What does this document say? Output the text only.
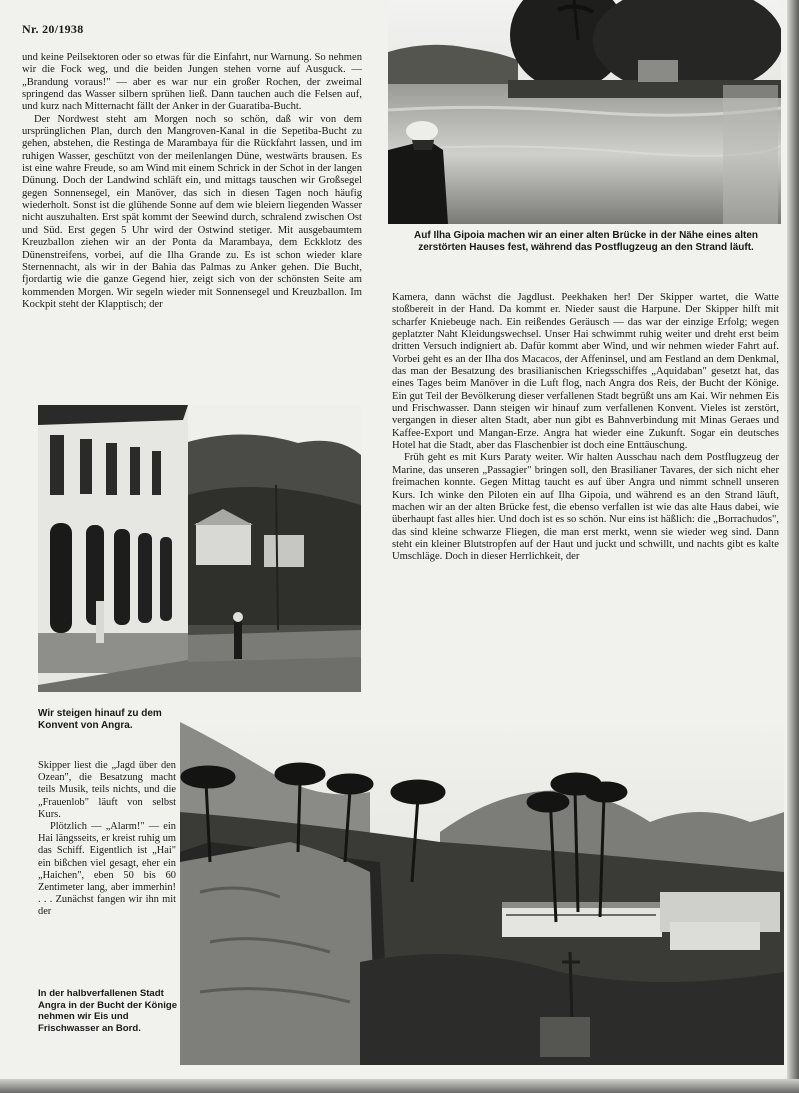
Nr. 20/1938

und keine Peilsektoren oder so etwas für die Einfahrt, nur Warnung. So nehmen wir die Fock weg, und die beiden Jungen stehen vorne auf Ausguck. — „Brandung voraus!" — aber es war nur ein großer Rochen, der zweimal springend das Wasser silbern sprühen ließ. Dann tauchen auch die Felsen auf, und kurz nach Mitternacht fällt der Anker in der Guaratiba-Bucht.

Der Nordwest steht am Morgen noch so schön, daß wir von dem ursprünglichen Plan, durch den Mangroven-Kanal in die Sepetiba-Bucht zu gehen, abstehen, die Restinga de Marambaya für die Rückfahrt lassen, und im ruhigen Wasser, geschützt von der meilenlangen Düne, westwärts brausen. Es ist eine wahre Freude, so am Wind mit einem Schrick in der Schot in der langen Dünung. Doch der Landwind schläft ein, und mittags tauschen wir Großsegel gegen Sonnensegel, ein Manöver, das sich in diesen Tagen noch häufig wiederholt. Sonst ist die glühende Sonne auf dem wie bleiern liegenden Wasser nicht auszuhalten. Erst spät kommt der Seewind durch, schralend zwischen Ost und Süd. Erst gegen 5 Uhr wird der Ostwind stetiger. Mit ausgebaumtem Kreuzballon ziehen wir an der Ponta da Marambaya, dem Eckklotz des Dünenstreifens, vorbei, auf die Ilha Grande zu. Es ist schon wieder klare Sternennacht, als wir in der Bahia das Palmas zu Anker gehen. Die Bucht, fjordartig wie die ganze Gegend hier, zeigt sich von der schönsten Seite am kommenden Morgen. Wir segeln wieder mit Sonnensegel und Kreuzballon. Im Kockpit steht der Klapptisch; der

Auf Ilha Gipoia machen wir an einer alten Brücke in der Nähe eines alten zerstörten Hauses fest, während das Postflugzeug an den Strand läuft.
Wir steigen hinauf zu dem Konvent von Angra.

Kamera, dann wächst die Jagdlust. Peekhaken her! Der Skipper wartet, die Watte stoßbereit in der Hand. Da kommt er. Nieder saust die Harpune. Der Skipper hilft mit scharfer Kniebeuge nach. Ein reißendes Geräusch — das war der einzige Erfolg; wegen geplatzter Naht Kleidungswechsel. Unser Hai schwimmt ruhig weiter und dreht erst beim dritten Versuch indigniert ab. Dafür kommt aber Wind, und wir nehmen wieder Fahrt auf. Vorbei geht es an der Ilha dos Macacos, der Affeninsel, und am Festland an dem Denkmal, das man der Besatzung des brasilianischen Kriegsschiffes „Aquidaban" gesetzt hat, das eines Tages beim Manöver in die Luft flog, nach Angra dos Reis, der Bucht der Könige. Ein gut Teil der Bevölkerung dieser verfallenen Stadt begrüßt uns am Kai. Wir nehmen Eis und Frischwasser. Dann steigen wir hinauf zum verfallenen Konvent. Vieles ist zerstört, vergangen in dieser alten Stadt, aber nun gibt es Bahnverbindung mit Minas Geraes und Kaffee-Export und Mangan-Erze. Angra hat wieder eine Zukunft. Sogar ein deutsches Hotel hat die Stadt, aber das Flaschenbier ist doch eine Enttäuschung.

Früh geht es mit Kurs Paraty weiter. Wir halten Ausschau nach dem Postflugzeug der Marine, das unseren „Passagier" bringen soll, den Brasilianer Tavares, der sich nicht eher freimachen konnte. Gegen Mittag taucht es auf über Angra und nimmt schnell unseren Kurs. Ich winke den Piloten ein auf Ilha Gipoia, und während es an den Strand läuft, machen wir an der alten Brücke fest, die ebenso verfallen ist wie das alte Haus dabei, wie überhaupt fast alles hier. Und doch ist es so schön. Nur eins ist häßlich: die „Borrachudos", das sind kleine schwarze Fliegen, die man erst merkt, wenn sie wieder weg sind. Dann steht ein kleiner Blutstropfen auf der Haut und juckt und schwillt, und nachts gibt es kalte Umschläge. Doch in dieser Herrlichkeit, der

Skipper liest die „Jagd über den Ozean", die Besatzung macht teils Musik, teils nichts, und die „Frauenlob" läuft von selbst Kurs.

Plötzlich — „Alarm!" — ein Hai längsseits, er kreist ruhig um das Schiff. Eigentlich ist „Hai" ein bißchen viel gesagt, eher ein „Haichen", eben 50 bis 60 Zentimeter lang, aber immerhin! . . . Zunächst fangen wir ihn mit der

In der halbverfallenen Stadt Angra in der Bucht der Könige nehmen wir Eis und Frischwasser an Bord.
